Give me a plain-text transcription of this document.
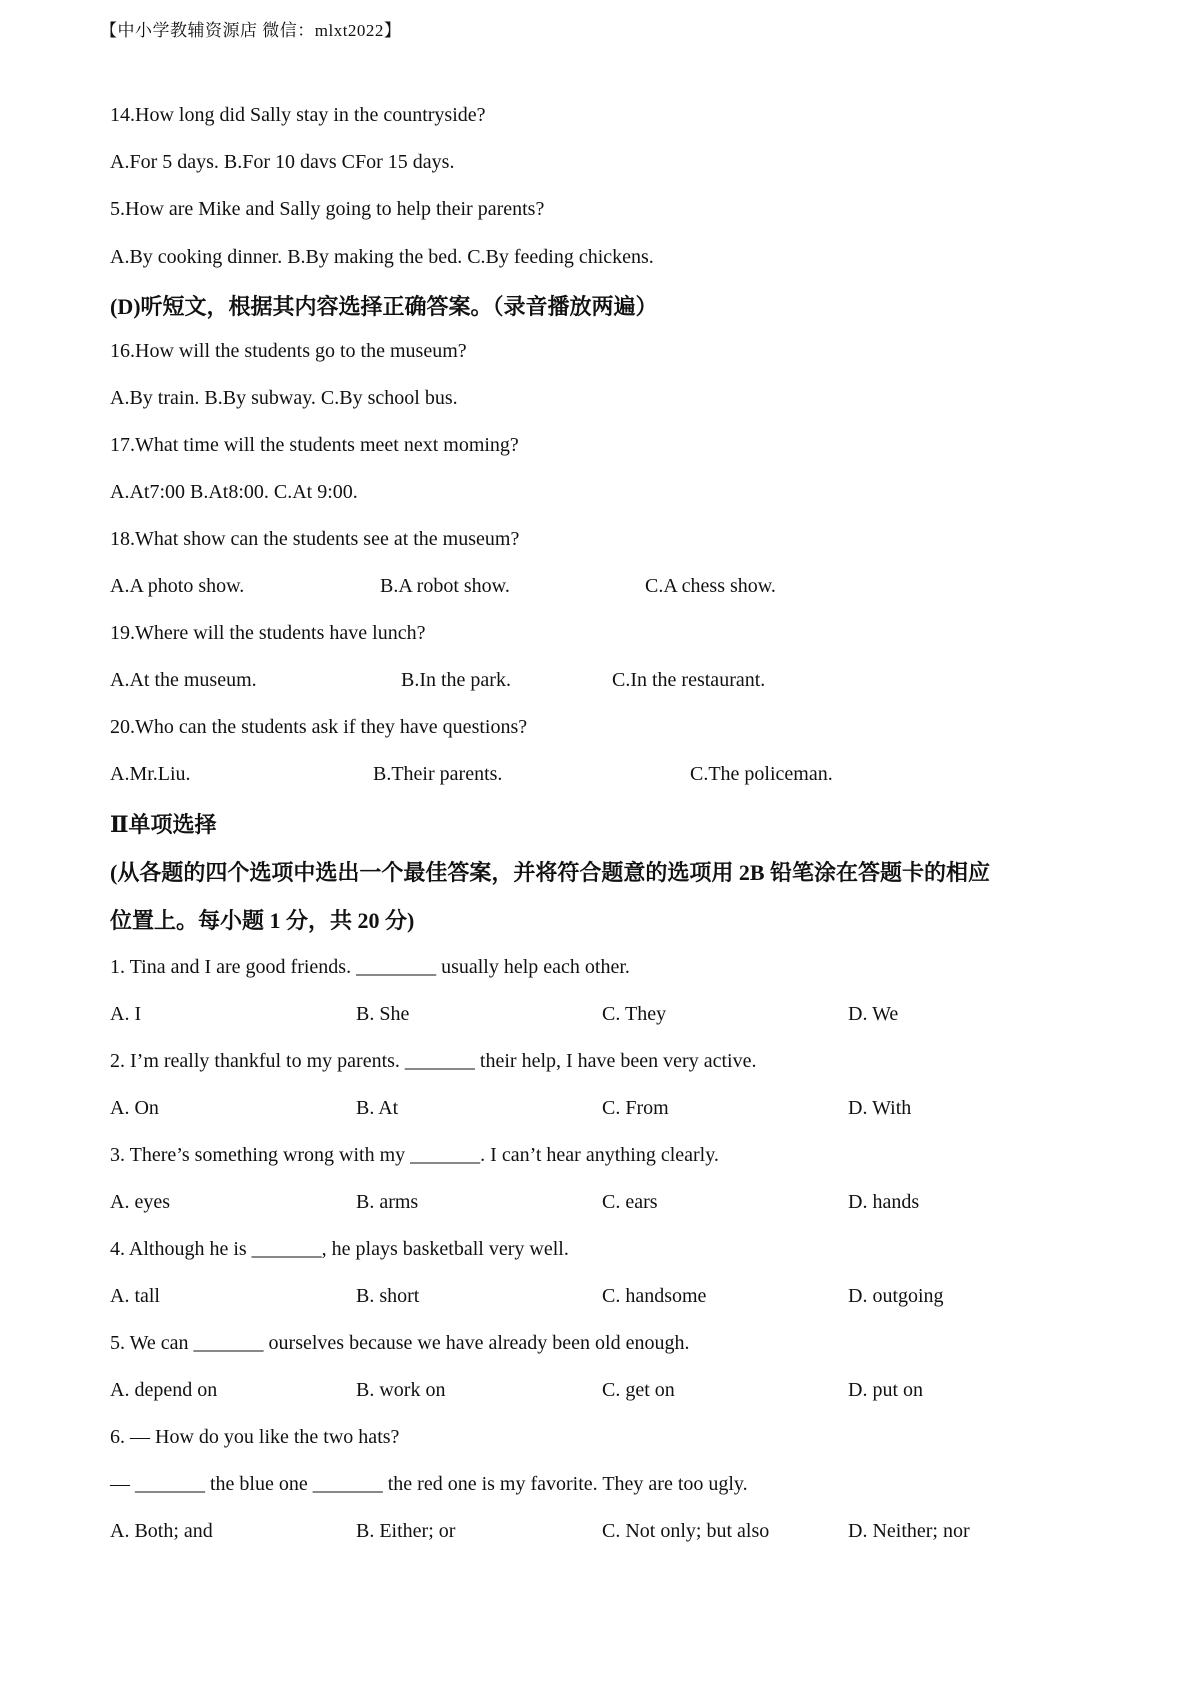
【中小学教辅资源店 微信：mlxt2022】
14.How long did Sally stay in the countryside?
A.For 5 days. B.For 10 davs CFor 15 days.
5.How are Mike and Sally going to help their parents?
A.By cooking dinner. B.By making the bed. C.By feeding chickens.
(D)听短文，根据其内容选择正确答案。（录音播放两遍）
16.How will the students go to the museum?
A.By train. B.By subway. C.By school bus.
17.What time will the students meet next moming?
A.At7:00 B.At8:00. C.At 9:00.
18.What show can the students see at the museum?
A.A photo show.	B.A robot show.	C.A chess show.
19.Where will the students have lunch?
A.At the museum.	B.In the park.	C.In the restaurant.
20.Who can the students ask if they have questions?
A.Mr.Liu.	B.Their parents.	C.The policeman.
Ⅱ单项选择
(从各题的四个选项中选出一个最佳答案，并将符合题意的选项用 2B 铅笔涂在答题卡的相应
位置上。每小题 1 分，共 20 分)
1. Tina and I are good friends. ________ usually help each other.
A. I	B. She	C. They	D. We
2. I’m really thankful to my parents. _______ their help, I have been very active.
A. On	B. At	C. From	D. With
3. There’s something wrong with my _______. I can’t hear anything clearly.
A. eyes	B. arms	C. ears	D. hands
4. Although he is _______, he plays basketball very well.
A. tall	B. short	C. handsome	D. outgoing
5. We can _______ ourselves because we have already been old enough.
A. depend on	B. work on	C. get on	D. put on
6. — How do you like the two hats?
— _______ the blue one _______ the red one is my favorite. They are too ugly.
A. Both; and	B. Either; or	C. Not only; but also	D. Neither; nor
